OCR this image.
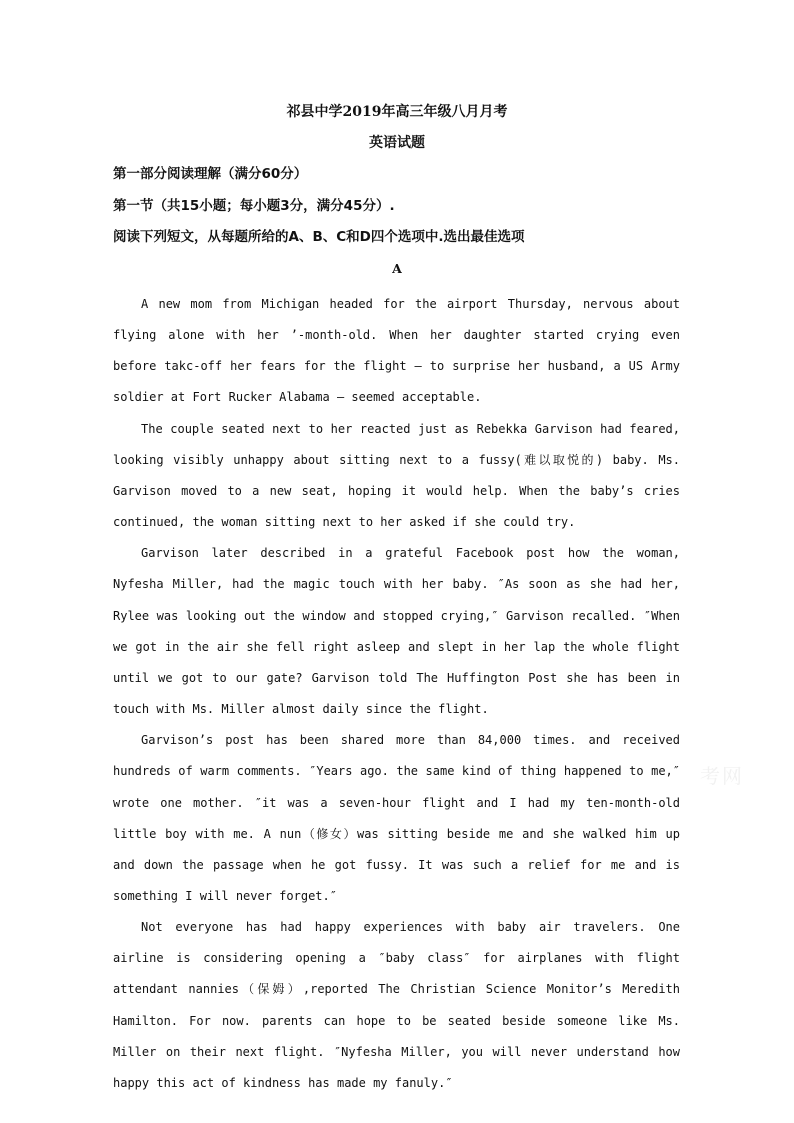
祁县中学2019年高三年级八月月考
英语试题
第一部分阅读理解（满分60分）
第一节（共15小题；每小题3分，满分45分）.
阅读下列短文，从每题所给的A、B、C和D四个选项中.选出最佳选项
A

A new mom from Michigan headed for the airport Thursday, nervous about flying alone with her ’-month-old. When her daughter started crying even before takc-off her fears for the flight — to surprise her husband, a US Army soldier at Fort Rucker Alabama — seemed acceptable.

The couple seated next to her reacted just as Rebekka Garvison had feared, looking visibly unhappy about sitting next to a fussy(难以取悦的) baby. Ms. Garvison moved to a new seat, hoping it would help. When the baby’s cries continued, the woman sitting next to her asked if she could try.

Garvison later described in a grateful Facebook post how the woman, Nyfesha Miller, had the magic touch with her baby. ″As soon as she had her, Rylee was looking out the window and stopped crying,″ Garvison recalled. ″When we got in the air she fell right asleep and slept in her lap the whole flight until we got to our gate? Garvison told The Huffington Post she has been in touch with Ms. Miller almost daily since the flight.

Garvison’s post has been shared more than 84,000 times. and received hundreds of warm comments. ″Years ago. the same kind of thing happened to me,″ wrote one mother. ″it was a seven-hour flight and I had my ten-month-old little boy with me. A nun（修女）was sitting beside me and she walked him up and down the passage when he got fussy. It was such a relief for me and is something I will never forget.″

Not everyone has had happy experiences with baby air travelers. One airline is considering opening a ″baby class″ for airplanes with flight attendant nannies（保姆）,reported The Christian Science Monitor’s Meredith Hamilton. For now. parents can hope to be seated beside someone like Ms. Miller on their next flight. ″Nyfesha Miller, you will never understand how happy this act of kindness has made my fanuly.″

考网
